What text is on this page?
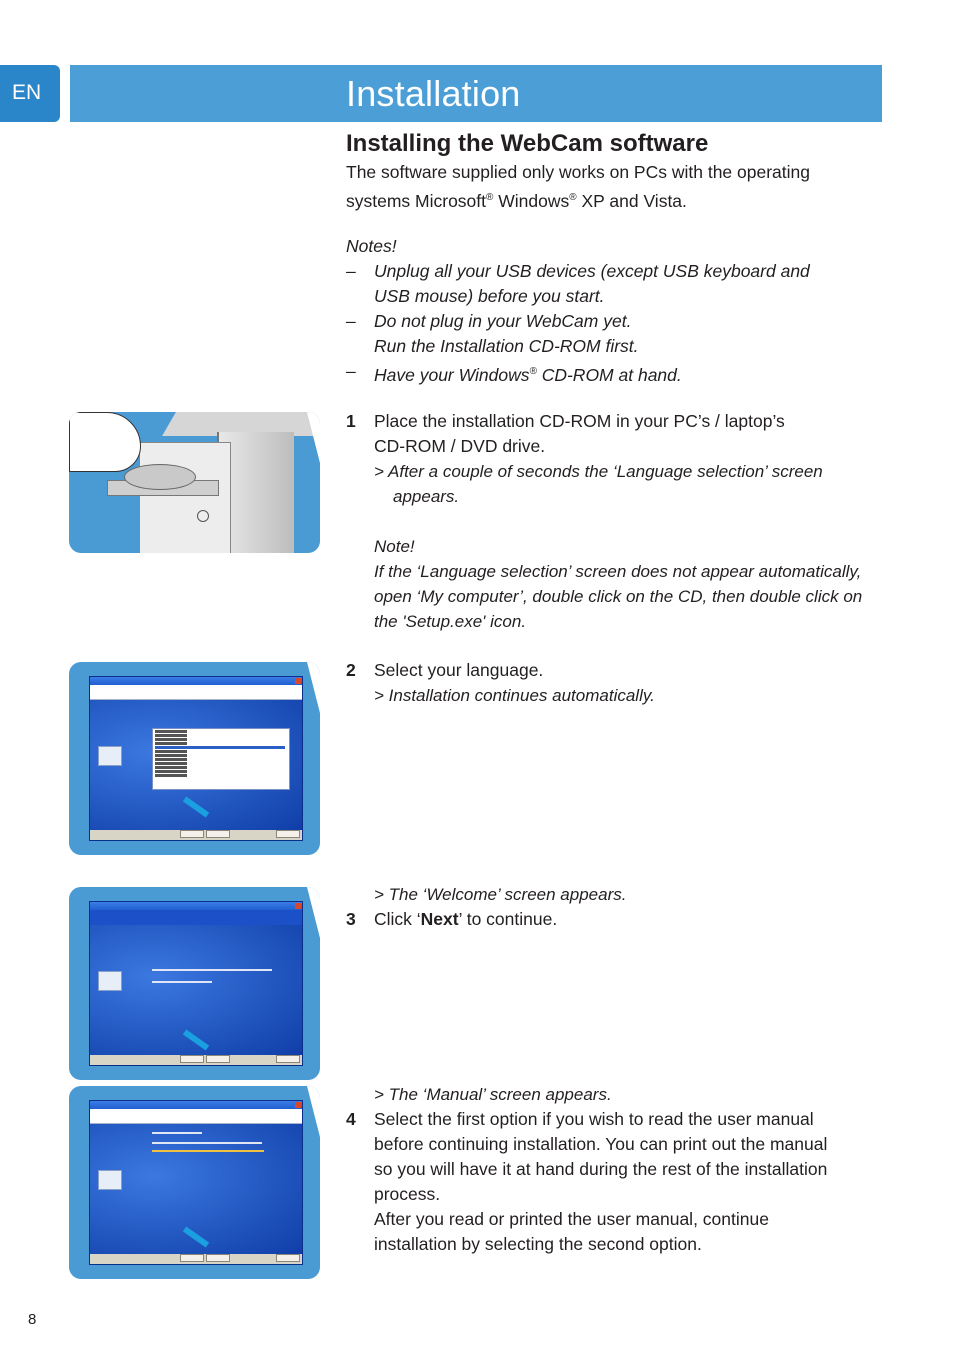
EN	Installation
Installing the WebCam software
The software supplied only works on PCs with the operating
systems Microsoft® Windows® XP and Vista.
Notes!
–	Unplug all your USB devices (except USB keyboard and
USB mouse) before you start.
–	Do not plug in your WebCam yet.
Run the Installation CD-ROM first.
–	Have your Windows® CD-ROM at hand.
1 Place the installation CD-ROM in your PC’s / laptop’s
CD-ROM / DVD drive.
> After a couple of seconds the ‘Language selection’ screen
appears.
Note!
If the ‘Language selection’ screen does not appear automatically,
open ‘My computer’, double click on the CD, then double click on
the 'Setup.exe' icon.
2 Select your language.
> Installation continues automatically.
> The ‘Welcome’ screen appears.
3 Click ‘Next’ to continue.
> The ‘Manual’ screen appears.
4 Select the first option if you wish to read the user manual
before continuing installation. You can print out the manual
so you will have it at hand during the rest of the installation
process.
After you read or printed the user manual, continue
installation by selecting the second option.
8
